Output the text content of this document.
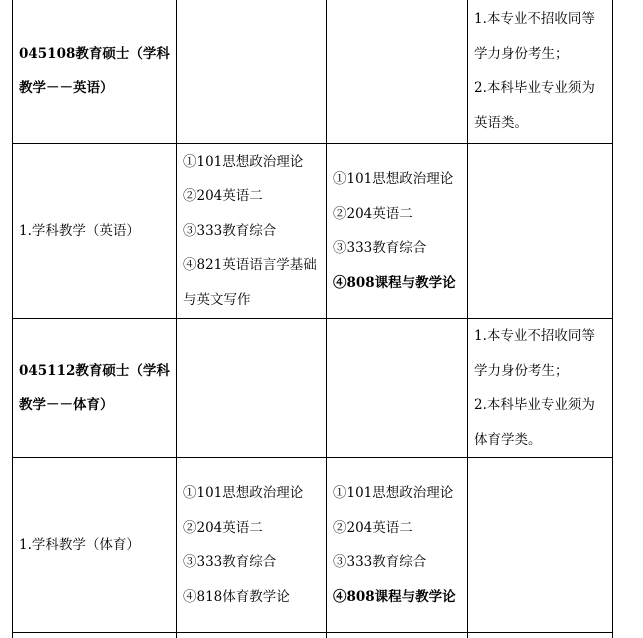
045108教育硕士（学科教学－－英语）			1.本专业不招收同等学力身份考生；
2.本科毕业专业须为英语类。

1.学科教学（英语）	①101思想政治理论
②204英语二
③333教育综合
④821英语语言学基础与英文写作	①101思想政治理论
②204英语二
③333教育综合
④808课程与教学论	

045112教育硕士（学科教学－－体育）			1.本专业不招收同等学力身份考生；
2.本科毕业专业须为体育学类。

1.学科教学（体育）	①101思想政治理论
②204英语二
③333教育综合
④818体育教学论	①101思想政治理论
②204英语二
③333教育综合
④808课程与教学论	
